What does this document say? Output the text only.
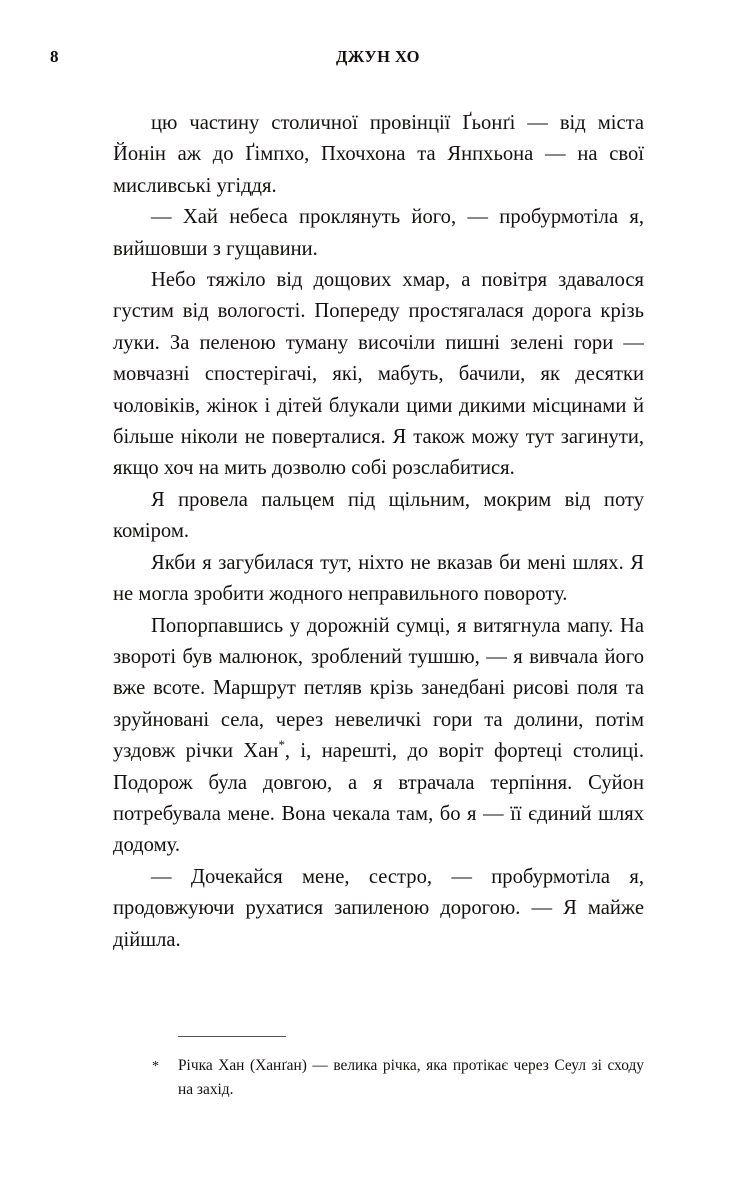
8	ДЖУН ХО

цю частину столичної провінції Ґьонґі — від міста Йонін аж до Ґімпхо, Пхочхона та Янпхьона — на свої мисливські угіддя.

— Хай небеса проклянуть його, — пробурмотіла я, вийшовши з гущавини.

Небо тяжіло від дощових хмар, а повітря здавалося густим від вологості. Попереду простягалася дорога крізь луки. За пеленою туману височіли пишні зелені гори — мовчазні спостерігачі, які, мабуть, бачили, як десятки чоловіків, жінок і дітей блукали цими дикими місцинами й більше ніколи не поверталися. Я також можу тут загинути, якщо хоч на мить дозволю собі розслабитися.

Я провела пальцем під щільним, мокрим від поту коміром.

Якби я загубилася тут, ніхто не вказав би мені шлях. Я не могла зробити жодного неправильного повороту.

Попорпавшись у дорожній сумці, я витягнула мапу. На звороті був малюнок, зроблений тушшю, — я вивчала його вже всоте. Маршрут петляв крізь занедбані рисові поля та зруйновані села, через невеличкі гори та долини, потім уздовж річки Хан*, і, нарешті, до воріт фортеці столиці. Подорож була довгою, а я втрачала терпіння. Суйон потребувала мене. Вона чекала там, бо я — її єдиний шлях додому.

— Дочекайся мене, сестро, — пробурмотіла я, продовжуючи рухатися запиленою дорогою. — Я майже дійшла.

*	Річка Хан (Ханґан) — велика річка, яка протікає через Сеул зі сходу на захід.
